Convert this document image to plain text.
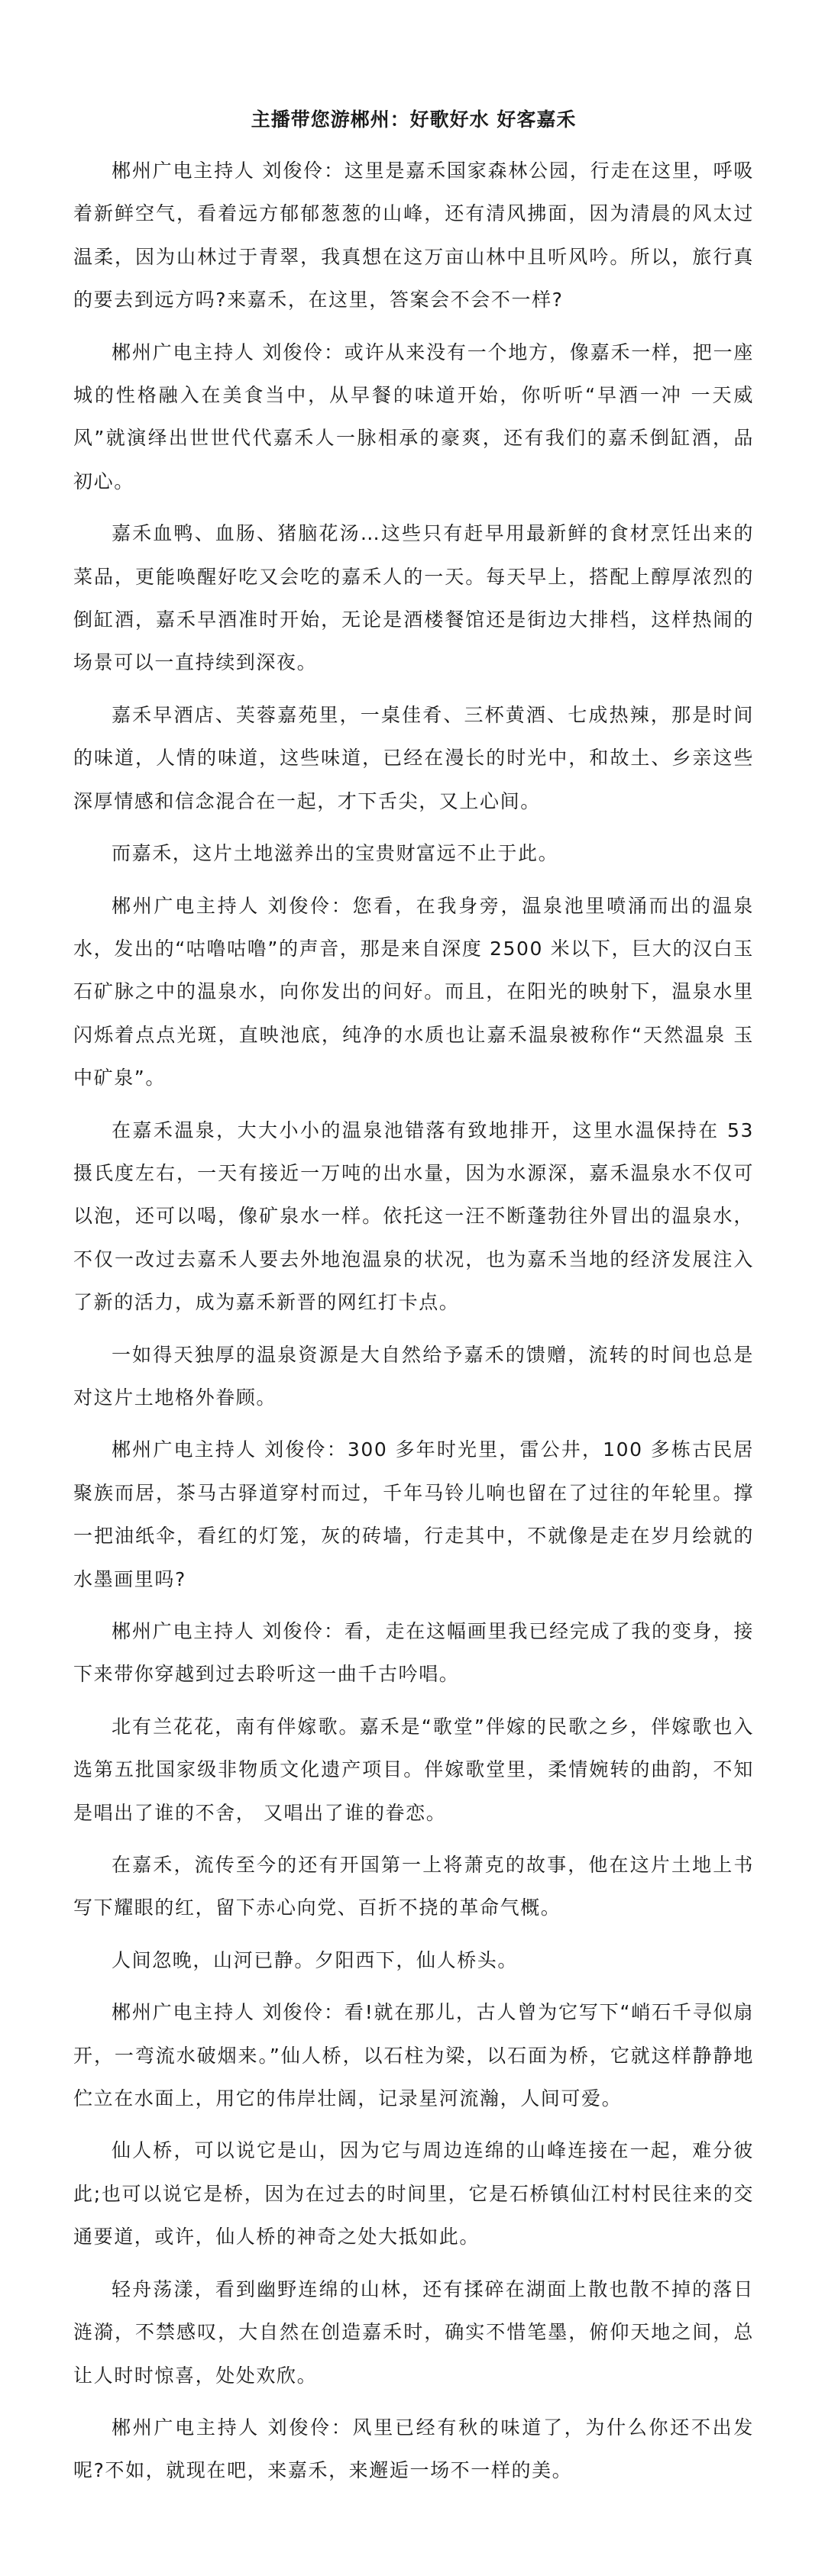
主播带您游郴州：好歌好水 好客嘉禾

郴州广电主持人 刘俊伶：这里是嘉禾国家森林公园，行走在这里，呼吸着新鲜空气，看着远方郁郁葱葱的山峰，还有清风拂面，因为清晨的风太过温柔，因为山林过于青翠，我真想在这万亩山林中且听风吟。所以，旅行真的要去到远方吗?来嘉禾，在这里，答案会不会不一样?

郴州广电主持人 刘俊伶：或许从来没有一个地方，像嘉禾一样，把一座城的性格融入在美食当中，从早餐的味道开始，你听听“早酒一冲 一天威风”就演绎出世世代代嘉禾人一脉相承的豪爽，还有我们的嘉禾倒缸酒，品初心。

嘉禾血鸭、血肠、猪脑花汤…这些只有赶早用最新鲜的食材烹饪出来的菜品，更能唤醒好吃又会吃的嘉禾人的一天。每天早上，搭配上醇厚浓烈的倒缸酒，嘉禾早酒准时开始，无论是酒楼餐馆还是街边大排档，这样热闹的场景可以一直持续到深夜。

嘉禾早酒店、芙蓉嘉苑里，一桌佳肴、三杯黄酒、七成热辣，那是时间的味道，人情的味道，这些味道，已经在漫长的时光中，和故土、乡亲这些深厚情感和信念混合在一起，才下舌尖，又上心间。

而嘉禾，这片土地滋养出的宝贵财富远不止于此。

郴州广电主持人 刘俊伶：您看，在我身旁，温泉池里喷涌而出的温泉水，发出的“咕噜咕噜”的声音，那是来自深度 2500 米以下，巨大的汉白玉石矿脉之中的温泉水，向你发出的问好。而且，在阳光的映射下，温泉水里闪烁着点点光斑，直映池底，纯净的水质也让嘉禾温泉被称作“天然温泉 玉中矿泉”。

在嘉禾温泉，大大小小的温泉池错落有致地排开，这里水温保持在 53 摄氏度左右，一天有接近一万吨的出水量，因为水源深，嘉禾温泉水不仅可以泡，还可以喝，像矿泉水一样。依托这一汪不断蓬勃往外冒出的温泉水，不仅一改过去嘉禾人要去外地泡温泉的状况，也为嘉禾当地的经济发展注入了新的活力，成为嘉禾新晋的网红打卡点。

一如得天独厚的温泉资源是大自然给予嘉禾的馈赠，流转的时间也总是对这片土地格外眷顾。

郴州广电主持人 刘俊伶：300 多年时光里，雷公井，100 多栋古民居聚族而居，茶马古驿道穿村而过，千年马铃儿响也留在了过往的年轮里。撑一把油纸伞，看红的灯笼，灰的砖墙，行走其中，不就像是走在岁月绘就的水墨画里吗?

郴州广电主持人 刘俊伶：看，走在这幅画里我已经完成了我的变身，接下来带你穿越到过去聆听这一曲千古吟唱。

北有兰花花，南有伴嫁歌。嘉禾是“歌堂”伴嫁的民歌之乡，伴嫁歌也入选第五批国家级非物质文化遗产项目。伴嫁歌堂里，柔情婉转的曲韵，不知是唱出了谁的不舍， 又唱出了谁的眷恋。

在嘉禾，流传至今的还有开国第一上将萧克的故事，他在这片土地上书写下耀眼的红，留下赤心向党、百折不挠的革命气概。

人间忽晚，山河已静。夕阳西下，仙人桥头。

郴州广电主持人 刘俊伶：看!就在那儿，古人曾为它写下“峭石千寻似扇开，一弯流水破烟来。”仙人桥，以石柱为梁，以石面为桥，它就这样静静地伫立在水面上，用它的伟岸壮阔，记录星河流瀚，人间可爱。

仙人桥，可以说它是山，因为它与周边连绵的山峰连接在一起，难分彼此;也可以说它是桥，因为在过去的时间里，它是石桥镇仙江村村民往来的交通要道，或许，仙人桥的神奇之处大抵如此。

轻舟荡漾，看到幽野连绵的山林，还有揉碎在湖面上散也散不掉的落日涟漪，不禁感叹，大自然在创造嘉禾时，确实不惜笔墨，俯仰天地之间，总让人时时惊喜，处处欢欣。

郴州广电主持人 刘俊伶：风里已经有秋的味道了，为什么你还不出发呢?不如，就现在吧，来嘉禾，来邂逅一场不一样的美。
